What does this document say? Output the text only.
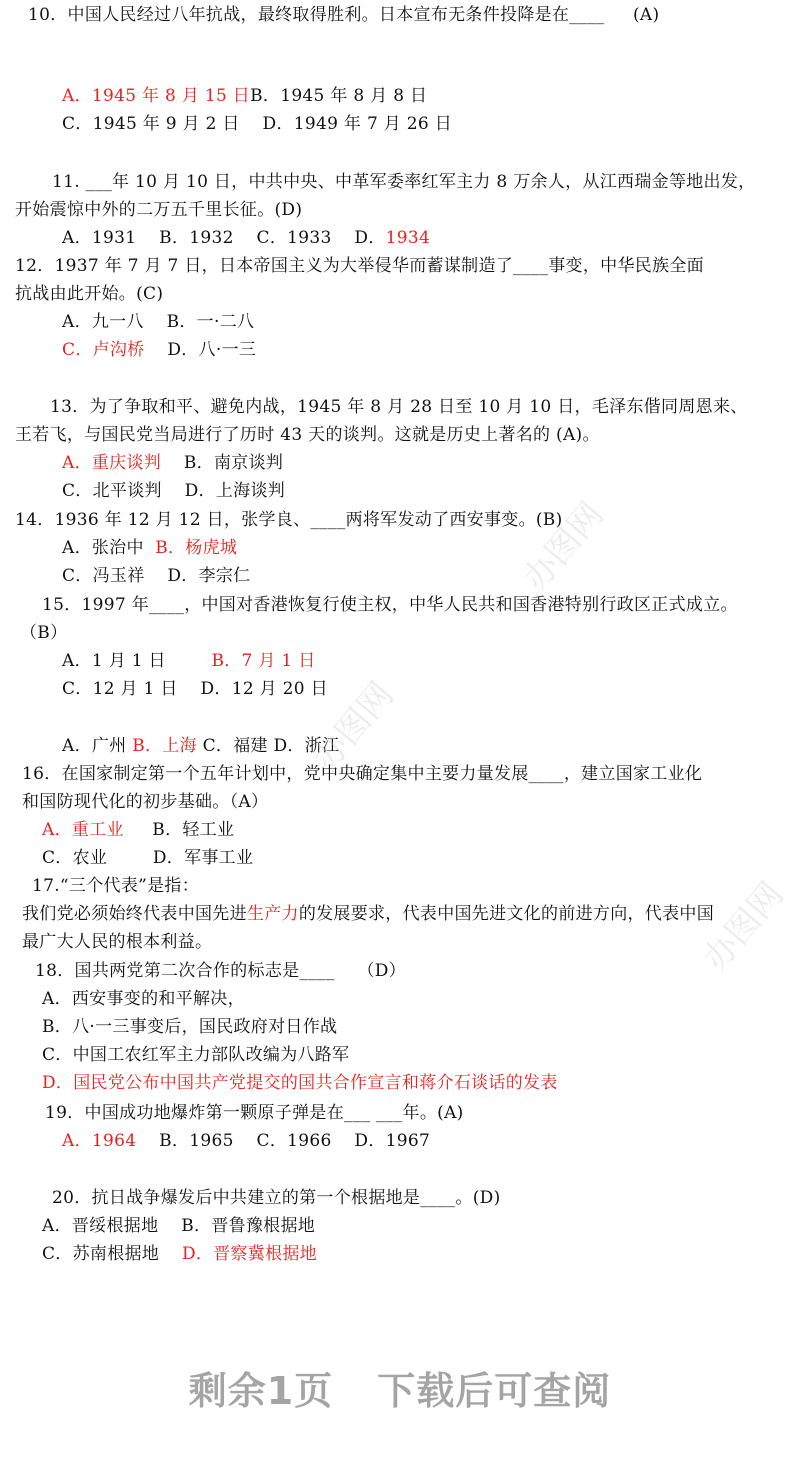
10．中国人民经过八年抗战，最终取得胜利。日本宣布无条件投降是在____     (A)
A．1945 年 8 月 15 日B．1945 年 8 月 8 日
C．1945 年 9 月 2 日    D．1949 年 7 月 26 日
11. ___年 10 月 10 日，中共中央、中革军委率红军主力 8 万余人，从江西瑞金等地出发，
开始震惊中外的二万五千里长征。(D)
A．1931    B．1932    C．1933    D．1934
12．1937 年 7 月 7 日，日本帝国主义为大举侵华而蓄谋制造了____事变，中华民族全面
抗战由此开始。(C)
A．九一八    B．一·二八
C．卢沟桥    D．八·一三
13．为了争取和平、避免内战，1945 年 8 月 28 日至 10 月 10 日，毛泽东偕同周恩来、
王若飞，与国民党当局进行了历时 43 天的谈判。这就是历史上著名的 (A)。
A．重庆谈判    B．南京谈判
C．北平谈判    D．上海谈判
14．1936 年 12 月 12 日，张学良、____两将军发动了西安事变。(B)
A．张治中  B．杨虎城
C．冯玉祥    D．李宗仁
15．1997 年____，中国对香港恢复行使主权，中华人民共和国香港特别行政区正式成立。
（B）
A．1 月 1 日        B．7 月 1 日
C．12 月 1 日    D．12 月 20 日
A．广州 B．上海 C．福建 D．浙江
16．在国家制定第一个五年计划中，党中央确定集中主要力量发展____，建立国家工业化
和国防现代化的初步基础。（A）
A．重工业     B．轻工业
C．农业        D．军事工业
17.“三个代表”是指：
我们党必须始终代表中国先进生产力的发展要求，代表中国先进文化的前进方向，代表中国
最广大人民的根本利益。
18．国共两党第二次合作的标志是____    （D）
A．西安事变的和平解决，
B．八·一三事变后，国民政府对日作战
C．中国工农红军主力部队改编为八路军
D．国民党公布中国共产党提交的国共合作宣言和蒋介石谈话的发表
19．中国成功地爆炸第一颗原子弹是在___ ___年。(A)
A．1964    B．1965    C．1966    D．1967
20．抗日战争爆发后中共建立的第一个根据地是____。(D)
A．晋绥根据地    B．晋鲁豫根据地
C．苏南根据地    D．晋察冀根据地
办图网
办图网
办图网
剩余1页 下载后可查阅
